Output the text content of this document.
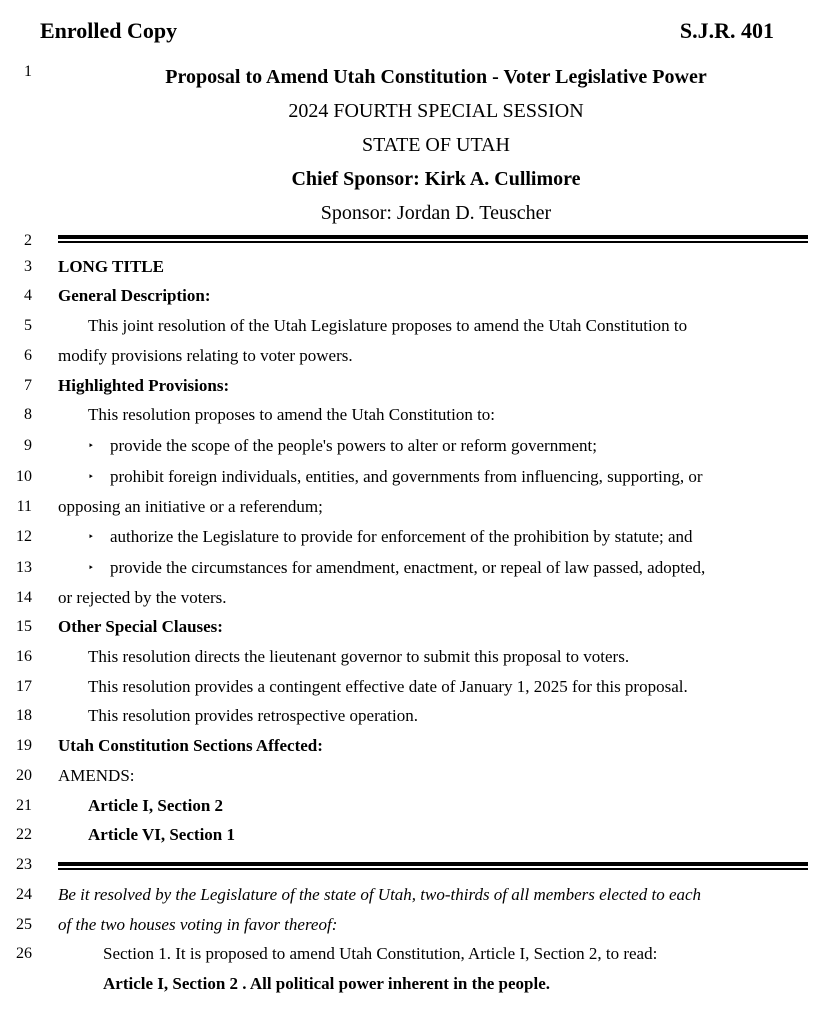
Enrolled Copy	S.J.R. 401
1
2
3
4
5
6
7
8
9
10
11
12
13
14
15
16
17
18
19
20
21
22
23
24
25
26
Proposal to Amend Utah Constitution - Voter Legislative Power
2024 FOURTH SPECIAL SESSION
STATE OF UTAH
Chief Sponsor: Kirk A. Cullimore
Sponsor: Jordan D. Teuscher
LONG TITLE
General Description:
This joint resolution of the Utah Legislature proposes to amend the Utah Constitution to
modify provisions relating to voter powers.
Highlighted Provisions:
This resolution proposes to amend the Utah Constitution to:
‣ provide the scope of the people's powers to alter or reform government;
‣ prohibit foreign individuals, entities, and governments from influencing, supporting, or
opposing an initiative or a referendum;
‣ authorize the Legislature to provide for enforcement of the prohibition by statute; and
‣ provide the circumstances for amendment, enactment, or repeal of law passed, adopted,
or rejected by the voters.
Other Special Clauses:
This resolution directs the lieutenant governor to submit this proposal to voters.
This resolution provides a contingent effective date of January 1, 2025 for this proposal.
This resolution provides retrospective operation.
Utah Constitution Sections Affected:
AMENDS:
Article I, Section 2
Article VI, Section 1
Be it resolved by the Legislature of the state of Utah, two-thirds of all members elected to each
of the two houses voting in favor thereof:
Section 1. It is proposed to amend Utah Constitution, Article I, Section 2, to read:
Article I, Section 2 . All political power inherent in the people.
